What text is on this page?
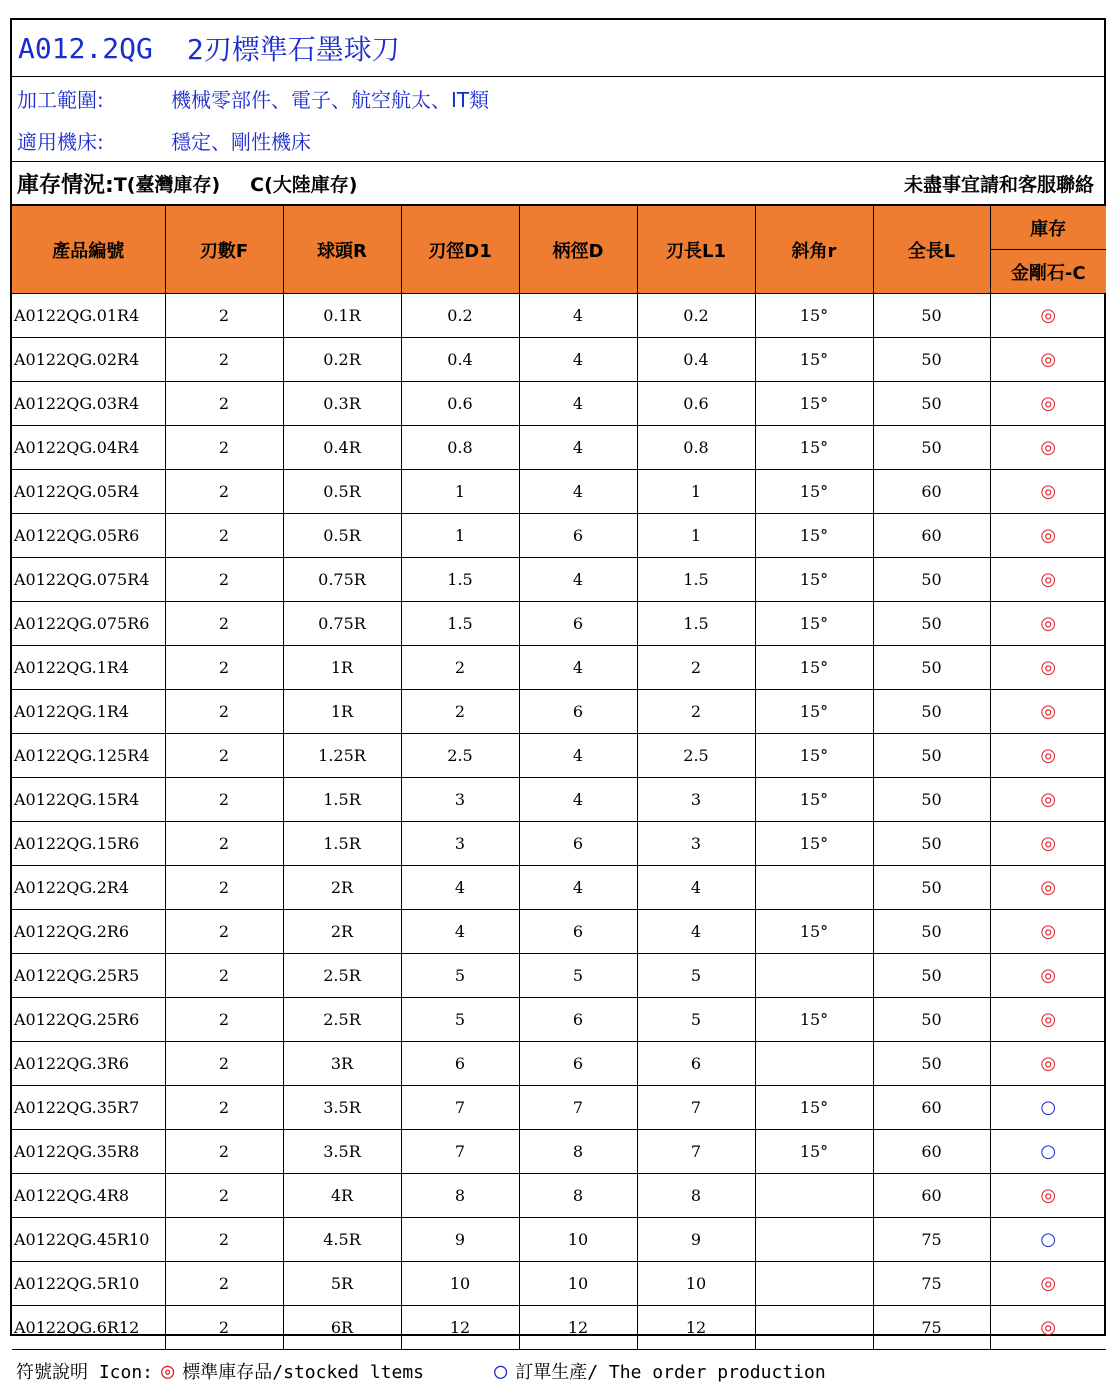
A012.2QG 2刃標準石墨球刀
加工範圍:	機械零部件、電子、航空航太、IT類
適用機床:	穩定、剛性機床
庫存情況: T(臺灣庫存) C(大陸庫存)	未盡事宜請和客服聯絡
產品編號	刃數F	球頭R	刃徑D1	柄徑D	刃長L1	斜角r	全長L	庫存
								金剛石-C
A0122QG.01R4	2	0.1R	0.2	4	0.2	15°	50	◎
A0122QG.02R4	2	0.2R	0.4	4	0.4	15°	50	◎
A0122QG.03R4	2	0.3R	0.6	4	0.6	15°	50	◎
A0122QG.04R4	2	0.4R	0.8	4	0.8	15°	50	◎
A0122QG.05R4	2	0.5R	1	4	1	15°	60	◎
A0122QG.05R6	2	0.5R	1	6	1	15°	60	◎
A0122QG.075R4	2	0.75R	1.5	4	1.5	15°	50	◎
A0122QG.075R6	2	0.75R	1.5	6	1.5	15°	50	◎
A0122QG.1R4	2	1R	2	4	2	15°	50	◎
A0122QG.1R4	2	1R	2	6	2	15°	50	◎
A0122QG.125R4	2	1.25R	2.5	4	2.5	15°	50	◎
A0122QG.15R4	2	1.5R	3	4	3	15°	50	◎
A0122QG.15R6	2	1.5R	3	6	3	15°	50	◎
A0122QG.2R4	2	2R	4	4	4		50	◎
A0122QG.2R6	2	2R	4	6	4	15°	50	◎
A0122QG.25R5	2	2.5R	5	5	5		50	◎
A0122QG.25R6	2	2.5R	5	6	5	15°	50	◎
A0122QG.3R6	2	3R	6	6	6		50	◎
A0122QG.35R7	2	3.5R	7	7	7	15°	60	○
A0122QG.35R8	2	3.5R	7	8	7	15°	60	○
A0122QG.4R8	2	4R	8	8	8		60	◎
A0122QG.45R10	2	4.5R	9	10	9		75	○
A0122QG.5R10	2	5R	10	10	10		75	◎
A0122QG.6R12	2	6R	12	12	12		75	◎
符號說明 Icon: ◎ 標準庫存品/stocked ltems	○ 訂單生產/ The order production
